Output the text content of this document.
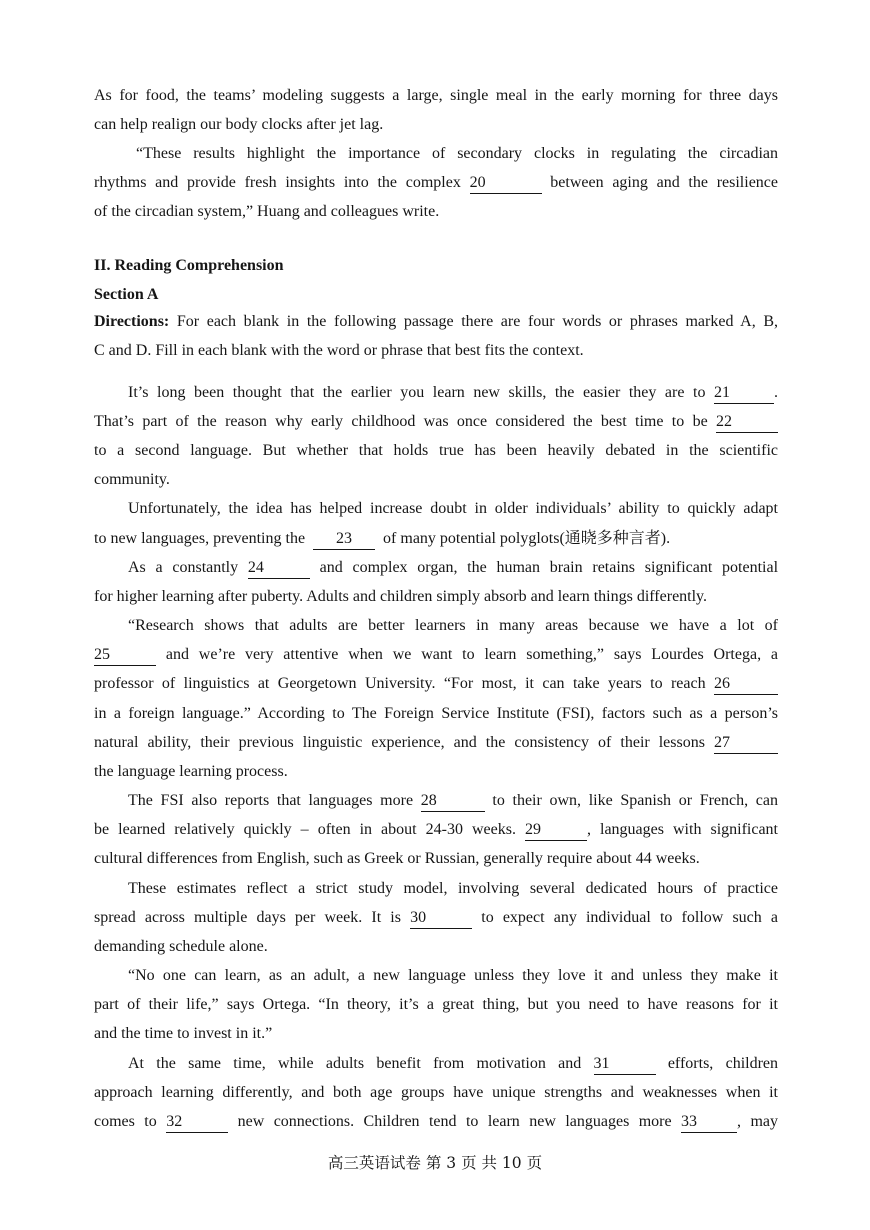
As for food, the teams’ modeling suggests a large, single meal in the early morning for three days
can help realign our body clocks after jet lag.
“These results highlight the importance of secondary clocks in regulating the circadian
rhythms and provide fresh insights into the complex 20	between aging and the resilience
of the circadian system,” Huang and colleagues write.
II. Reading Comprehension
Section A
Directions: For each blank in the following passage there are four words or phrases marked A, B,
C and D. Fill in each blank with the word or phrase that best fits the context.
It’s long been thought that the earlier you learn new skills, the easier they are to 21	.
That’s part of the reason why early childhood was once considered the best time to be 22
to a second language. But whether that holds true has been heavily debated in the scientific
community.
Unfortunately, the idea has helped increase doubt in older individuals’ ability to quickly adapt
to new languages, preventing the 23 of many potential polyglots(通晓多种言者).
As a constantly 24	and complex organ, the human brain retains significant potential
for higher learning after puberty. Adults and children simply absorb and learn things differently.
“Research shows that adults are better learners in many areas because we have a lot of
25	and we’re very attentive when we want to learn something,” says Lourdes Ortega, a
professor of linguistics at Georgetown University. “For most, it can take years to reach 26
in a foreign language.” According to The Foreign Service Institute (FSI), factors such as a person’s
natural ability, their previous linguistic experience, and the consistency of their lessons 27
the language learning process.
The FSI also reports that languages more 28	to their own, like Spanish or French, can
be learned relatively quickly – often in about 24-30 weeks. 29	, languages with significant
cultural differences from English, such as Greek or Russian, generally require about 44 weeks.
These estimates reflect a strict study model, involving several dedicated hours of practice
spread across multiple days per week. It is 30	to expect any individual to follow such a
demanding schedule alone.
“No one can learn, as an adult, a new language unless they love it and unless they make it
part of their life,” says Ortega. “In theory, it’s a great thing, but you need to have reasons for it
and the time to invest in it.”
At the same time, while adults benefit from motivation and 31	efforts, children
approach learning differently, and both age groups have unique strengths and weaknesses when it
comes to 32	new connections. Children tend to learn new languages more 33	, may
高三英语试卷 第 3 页 共 10 页
